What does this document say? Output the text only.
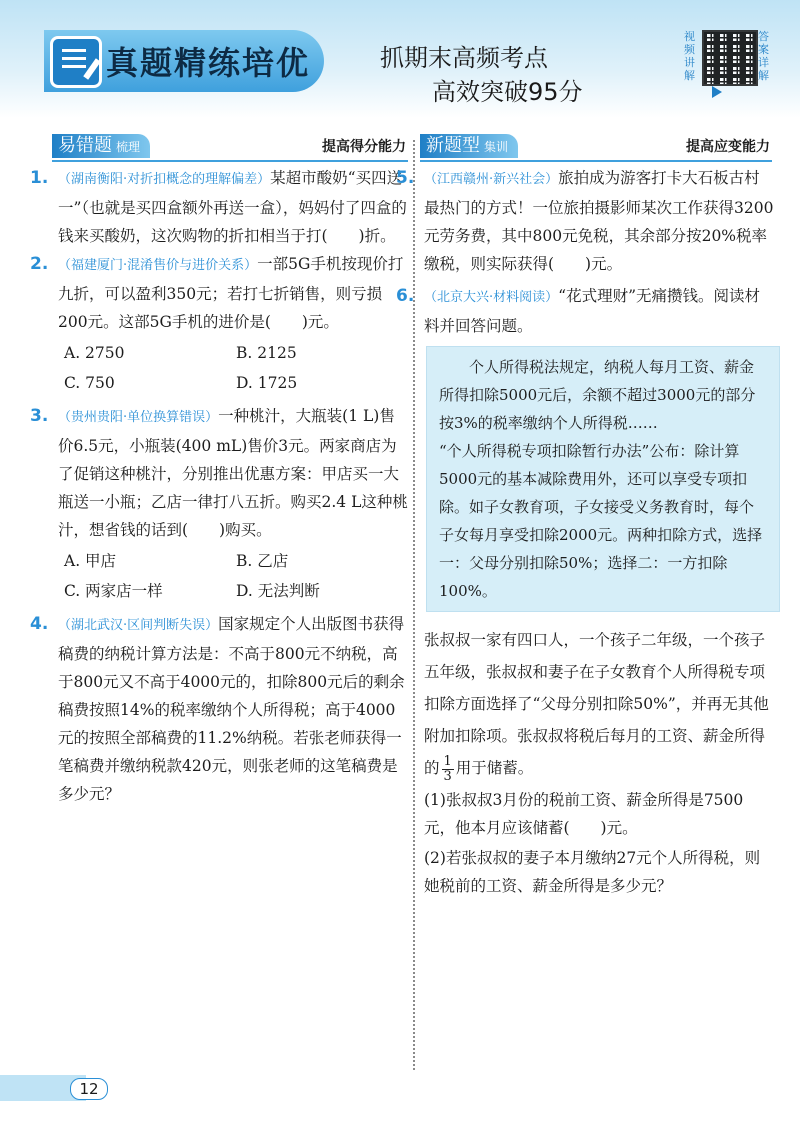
真题精练培优	抓期末高频考点
高效突破95分
视频讲解
答案详解
易错题 梳理	提高得分能力	新题型 集训	提高应变能力
1. （湖南衡阳·对折扣概念的理解偏差）某超市酸奶“买四送一”（也就是买四盒额外再送一盒），妈妈付了四盒的钱来买酸奶，这次购物的折扣相当于打(　　)折。
2. （福建厦门·混淆售价与进价关系）一部5G手机按现价打九折，可以盈利350元；若打七折销售，则亏损200元。这部5G手机的进价是(　　)元。
A. 2750	B. 2125
C. 750	D. 1725
3. （贵州贵阳·单位换算错误）一种桃汁，大瓶装(1 L)售价6.5元，小瓶装(400 mL)售价3元。两家商店为了促销这种桃汁，分别推出优惠方案：甲店买一大瓶送一小瓶；乙店一律打八五折。购买2.4 L这种桃汁，想省钱的话到(　　)购买。
A. 甲店	B. 乙店
C. 两家店一样	D. 无法判断
4. （湖北武汉·区间判断失误）国家规定个人出版图书获得稿费的纳税计算方法是：不高于800元不纳税，高于800元又不高于4000元的，扣除800元后的剩余稿费按照14%的税率缴纳个人所得税；高于4000元的按照全部稿费的11.2%纳税。若张老师获得一笔稿费并缴纳税款420元，则张老师的这笔稿费是多少元？
5. （江西赣州·新兴社会）旅拍成为游客打卡大石板古村最热门的方式！一位旅拍摄影师某次工作获得3200元劳务费，其中800元免税，其余部分按20%税率缴税，则实际获得(　　)元。
6. （北京大兴·材料阅读）“花式理财”无痛攒钱。阅读材料并回答问题。

　　个人所得税法规定，纳税人每月工资、薪金所得扣除5000元后，余额不超过3000元的部分按3%的税率缴纳个人所得税……

“个人所得税专项扣除暂行办法”公布：除计算5000元的基本减除费用外，还可以享受专项扣除。如子女教育项，子女接受义务教育时，每个子女每月享受扣除2000元。两种扣除方式，选择一：父母分别扣除50%；选择二：一方扣除100%。

张叔叔一家有四口人，一个孩子二年级，一个孩子五年级，张叔叔和妻子在子女教育个人所得税专项扣除方面选择了“父母分别扣除50%”，并再无其他附加扣除项。张叔叔将税后每月的工资、薪金所得的 $\frac{1}{3}$ 用于储蓄。
(1)张叔叔3月份的税前工资、薪金所得是7500元，他本月应该储蓄(　　)元。
(2)若张叔叔的妻子本月缴纳27元个人所得税，则她税前的工资、薪金所得是多少元？
12
